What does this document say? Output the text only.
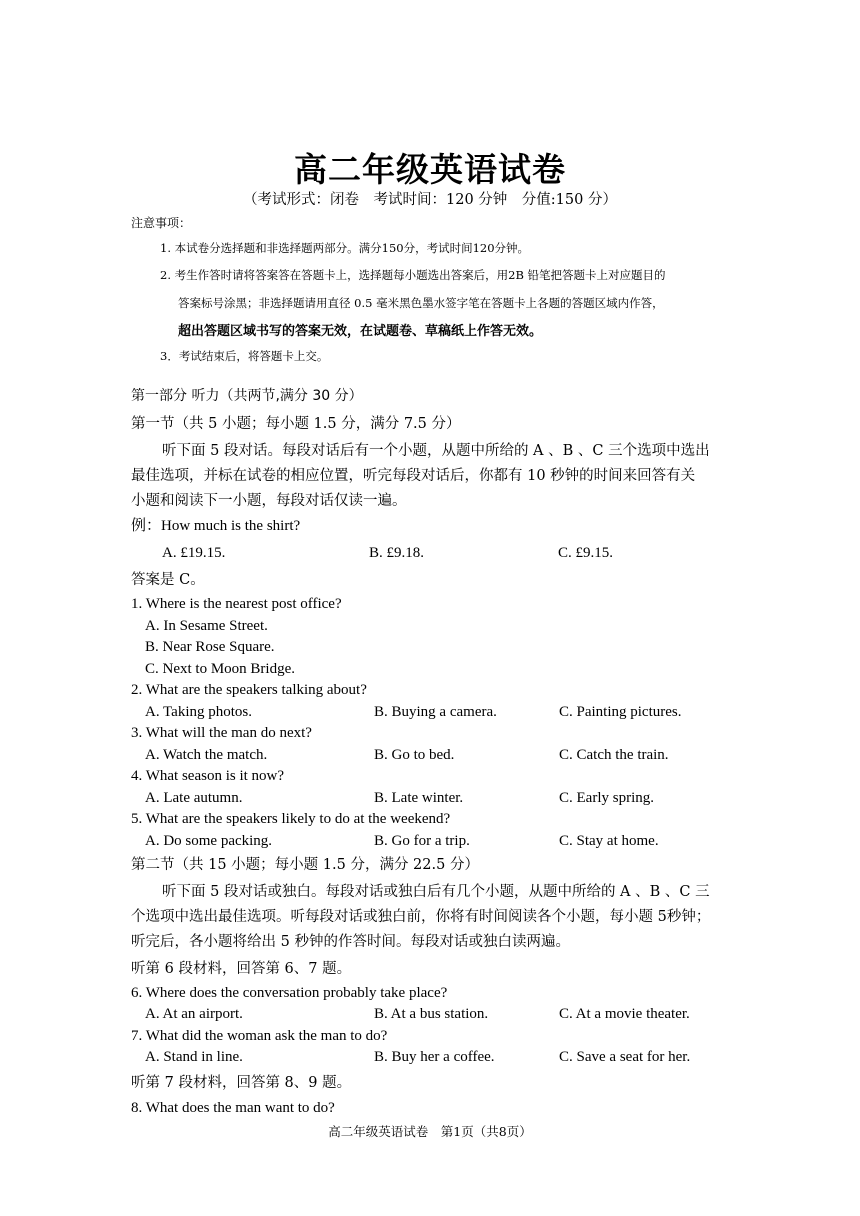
高二年级英语试卷
（考试形式：闭卷　考试时间：120 分钟　分值:150 分）
注意事项：
1. 本试卷分选择题和非选择题两部分。满分150分，考试时间120分钟。
2. 考生作答时请将答案答在答题卡上，选择题每小题选出答案后，用2B 铅笔把答题卡上对应题目的
答案标号涂黑；非选择题请用直径 0.5 毫米黑色墨水签字笔在答题卡上各题的答题区域内作答，
超出答题区域书写的答案无效，在试题卷、草稿纸上作答无效。
3．考试结束后，将答题卡上交。
第一部分 听力（共两节,满分 30 分）
第一节（共 5 小题；每小题 1.5 分，满分 7.5 分）
听下面 5 段对话。每段对话后有一个小题，从题中所给的 A 、B 、C 三个选项中选出
最佳选项，并标在试卷的相应位置，听完每段对话后，你都有 10 秒钟的时间来回答有关
小题和阅读下一小题，每段对话仅读一遍。
例：How much is the shirt?
A. £19.15.	B. £9.18.	C. £9.15.
答案是 C。
1. Where is the nearest post office?
A. In Sesame Street.
B. Near Rose Square.
C. Next to Moon Bridge.
2. What are the speakers talking about?
A. Taking photos.	B. Buying a camera.	C. Painting pictures.
3. What will the man do next?
A. Watch the match.	B. Go to bed.	C. Catch the train.
4. What season is it now?
A. Late autumn.	B. Late winter.	C. Early spring.
5. What are the speakers likely to do at the weekend?
A. Do some packing.	B. Go for a trip.	C. Stay at home.
第二节（共 15 小题；每小题 1.5 分，满分 22.5 分）
听下面 5 段对话或独白。每段对话或独白后有几个小题，从题中所给的 A 、B 、C 三
个选项中选出最佳选项。听每段对话或独白前，你将有时间阅读各个小题，每小题 5秒钟；
听完后，各小题将给出 5 秒钟的作答时间。每段对话或独白读两遍。
听第 6 段材料，回答第 6、7 题。
6. Where does the conversation probably take place?
A. At an airport.	B. At a bus station.	C. At a movie theater.
7. What did the woman ask the man to do?
A. Stand in line.	B. Buy her a coffee.	C. Save a seat for her.
听第 7 段材料，回答第 8、9 题。
8. What does the man want to do?
高二年级英语试卷　第1页（共8页）
